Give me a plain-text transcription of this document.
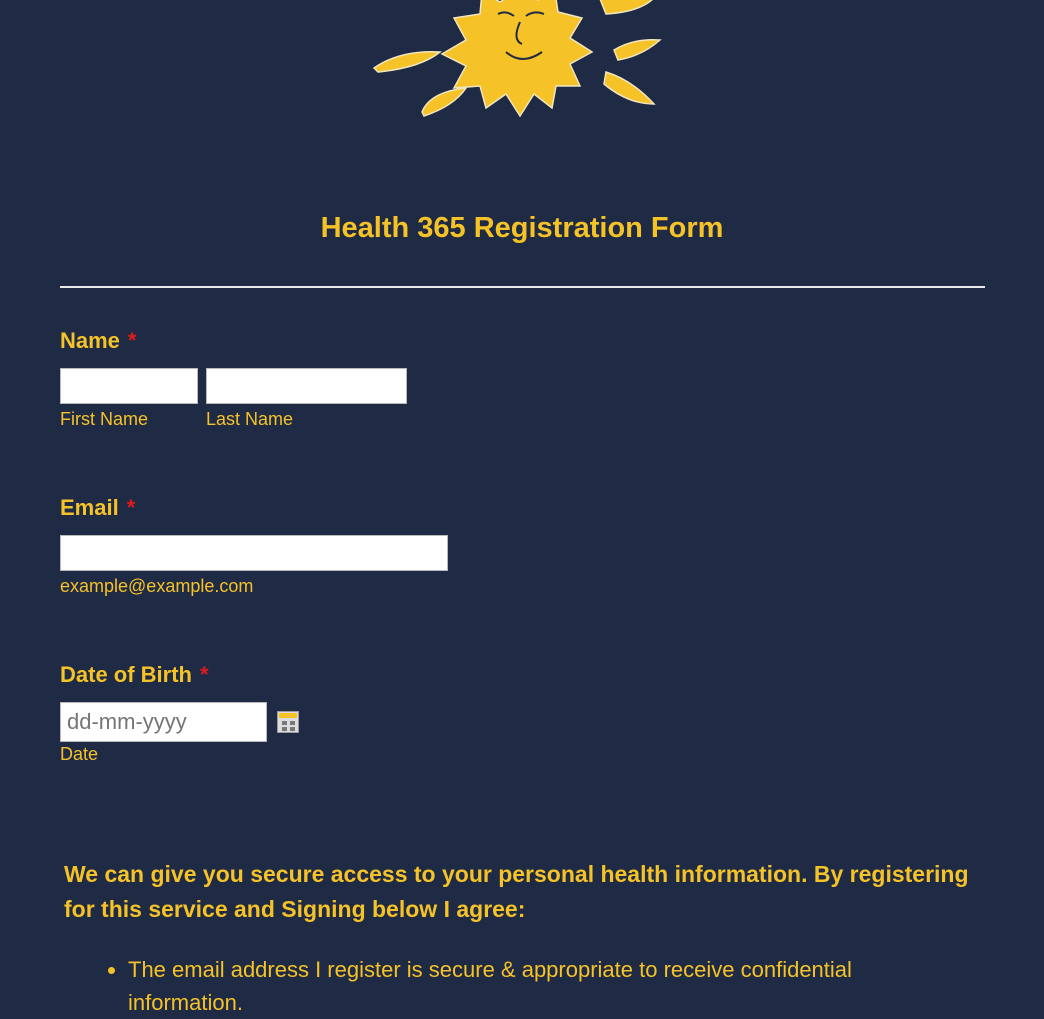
Health 365 Registration Form
Name *
First Name	Last Name
Email *
example@example.com
Date of Birth *
dd-mm-yyyy
Date
We can give you secure access to your personal health information. By registering for this service and Signing below I agree:
• The email address I register is secure & appropriate to receive confidential information.
